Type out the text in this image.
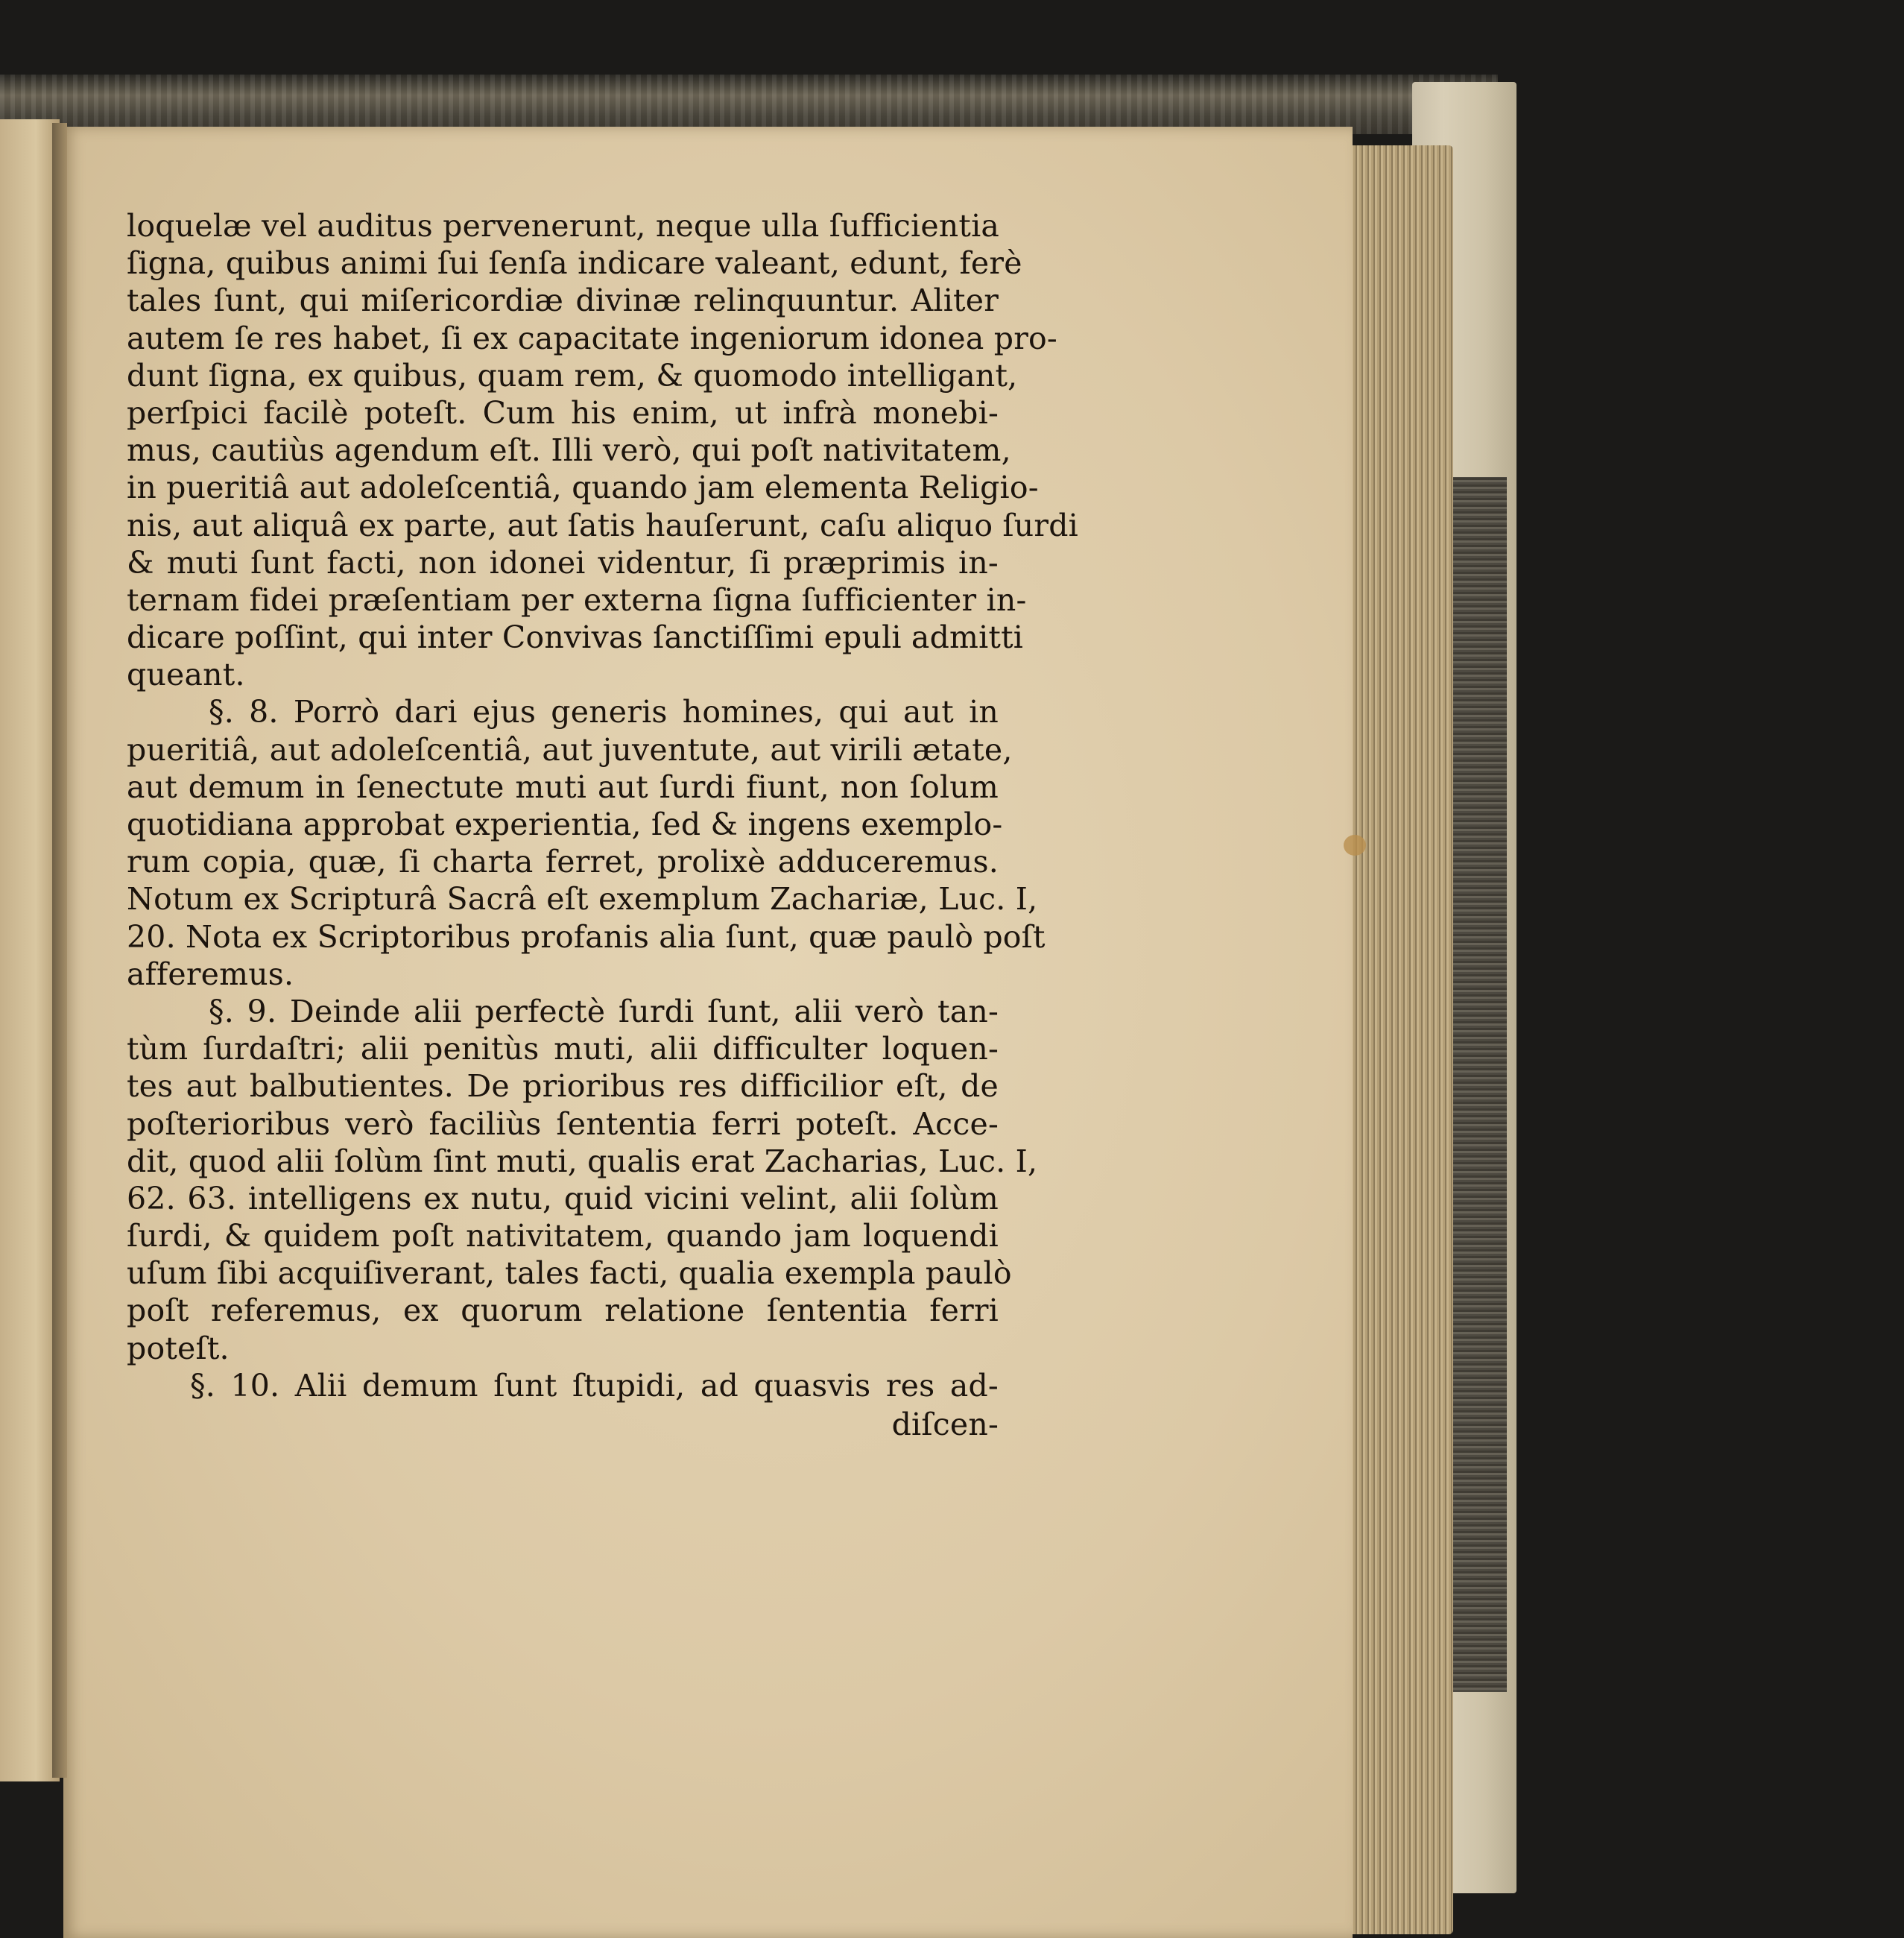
loquelæ vel auditus pervenerunt, neque ulla ſufficientia
ſigna, quibus animi ſui ſenſa indicare valeant, edunt, ferè
tales ſunt, qui miſericordiæ divinæ relinquuntur. Aliter
autem ſe res habet, ſi ex capacitate ingeniorum idonea pro-
dunt ſigna, ex quibus, quam rem, & quomodo intelligant,
perſpici facilè poteſt. Cum his enim, ut infrà monebi-
mus, cautiùs agendum eſt. Illi verò, qui poſt nativitatem,
in pueritiâ aut adoleſcentiâ, quando jam elementa Religio-
nis, aut aliquâ ex parte, aut ſatis hauſerunt, caſu aliquo ſurdi
& muti ſunt facti, non idonei videntur, ſi præprimis in-
ternam fidei præſentiam per externa ſigna ſufficienter in-
dicare poſſint, qui inter Convivas ſanctiſſimi epuli admitti
queant.
§. 8. Porrò dari ejus generis homines, qui aut in
pueritiâ, aut adoleſcentiâ, aut juventute, aut virili ætate,
aut demum in ſenectute muti aut ſurdi fiunt, non ſolum
quotidiana approbat experientia, ſed & ingens exemplo-
rum copia, quæ, ſi charta ferret, prolixè adduceremus.
Notum ex Scripturâ Sacrâ eſt exemplum Zachariæ, Luc. I,
20. Nota ex Scriptoribus profanis alia ſunt, quæ paulò poſt
afferemus.
§. 9. Deinde alii perfectè ſurdi ſunt, alii verò tan-
tùm ſurdaſtri; alii penitùs muti, alii difficulter loquen-
tes aut balbutientes. De prioribus res difficilior eſt, de
poſterioribus verò faciliùs ſententia ferri poteſt. Acce-
dit, quod alii ſolùm ſint muti, qualis erat Zacharias, Luc. I,
62. 63. intelligens ex nutu, quid vicini velint, alii ſolùm
ſurdi, & quidem poſt nativitatem, quando jam loquendi
uſum ſibi acquiſiverant, tales facti, qualia exempla paulò
poſt referemus, ex quorum relatione ſententia ferri
poteſt.
§. 10. Alii demum ſunt ſtupidi, ad quasvis res ad-
diſcen-
